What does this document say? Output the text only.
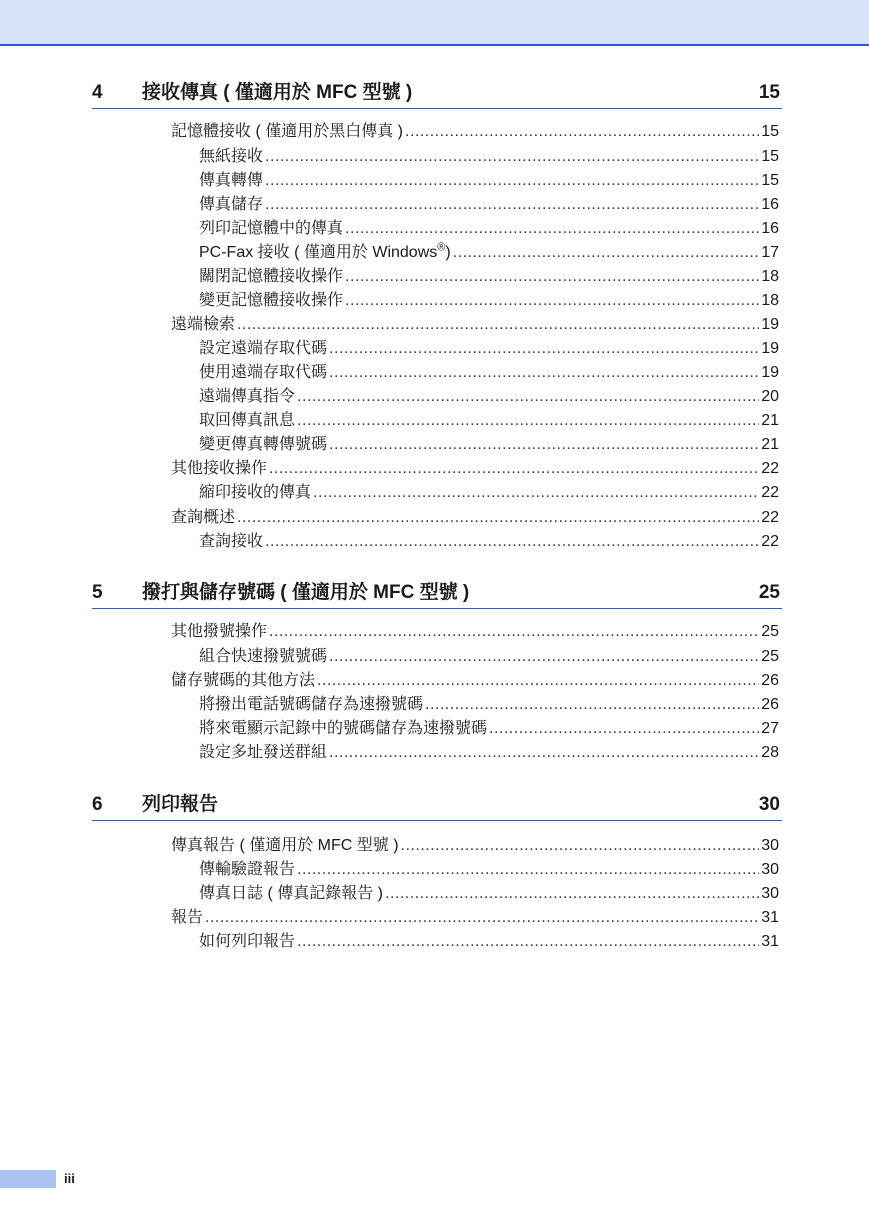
4 接收傳真 ( 僅適用於 MFC 型號 )	15
記憶體接收 ( 僅適用於黑白傳真 ) .....	15
無紙接收 .....	15
傳真轉傳 .....	15
傳真儲存 .....	16
列印記憶體中的傳真 .....	16
PC-Fax 接收 ( 僅適用於 Windows®) .....	17
關閉記憶體接收操作 .....	18
變更記憶體接收操作 .....	18
遠端檢索 .....	19
設定遠端存取代碼 .....	19
使用遠端存取代碼 .....	19
遠端傳真指令 .....	20
取回傳真訊息 .....	21
變更傳真轉傳號碼 .....	21
其他接收操作 .....	22
縮印接收的傳真 .....	22
查詢概述 .....	22
查詢接收 .....	22
5 撥打與儲存號碼 ( 僅適用於 MFC 型號 )	25
其他撥號操作 .....	25
組合快速撥號號碼 .....	25
儲存號碼的其他方法 .....	26
將撥出電話號碼儲存為速撥號碼 .....	26
將來電顯示記錄中的號碼儲存為速撥號碼 .....	27
設定多址發送群組 .....	28
6 列印報告	30
傳真報告 ( 僅適用於 MFC 型號 ) .....	30
傳輸驗證報告 .....	30
傳真日誌 ( 傳真記錄報告 ) .....	30
報告 .....	31
如何列印報告 .....	31
iii
